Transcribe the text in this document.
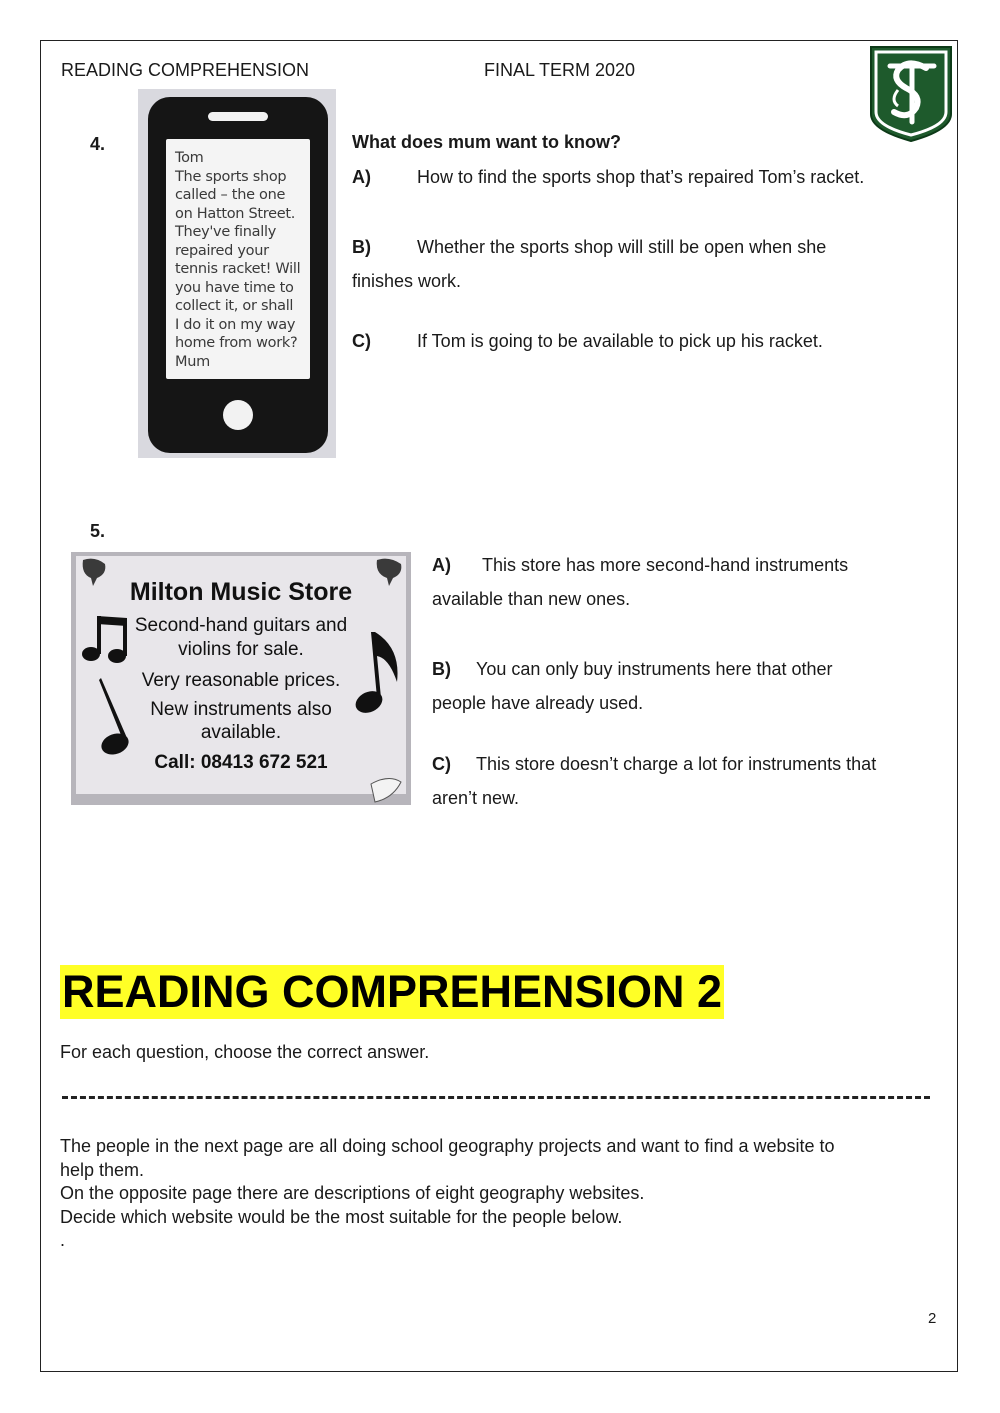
READING COMPREHENSION	FINAL TERM 2020
4.
Tom
The sports shop
called – the one
on Hatton Street.
They've finally
repaired your
tennis racket! Will
you have time to
collect it, or shall
I do it on my way
home from work?
Mum
What does mum want to know?
A)	How to find the sports shop that’s repaired Tom’s racket.
B)	Whether the sports shop will still be open when she
finishes work.
C)	If Tom is going to be available to pick up his racket.
5.
Milton Music Store
Second-hand guitars and
violins for sale.
Very reasonable prices.
New instruments also
available.
Call: 08413 672 521
A) This store has more second-hand instruments
available than new ones.
B) You can only buy instruments here that other
people have already used.
C) This store doesn’t charge a lot for instruments that
aren’t new.
READING COMPREHENSION 2
For each question, choose the correct answer.
The people in the next page are all doing school geography projects and want to find a website to
help them.
On the opposite page there are descriptions of eight geography websites.
Decide which website would be the most suitable for the people below.
.
2
